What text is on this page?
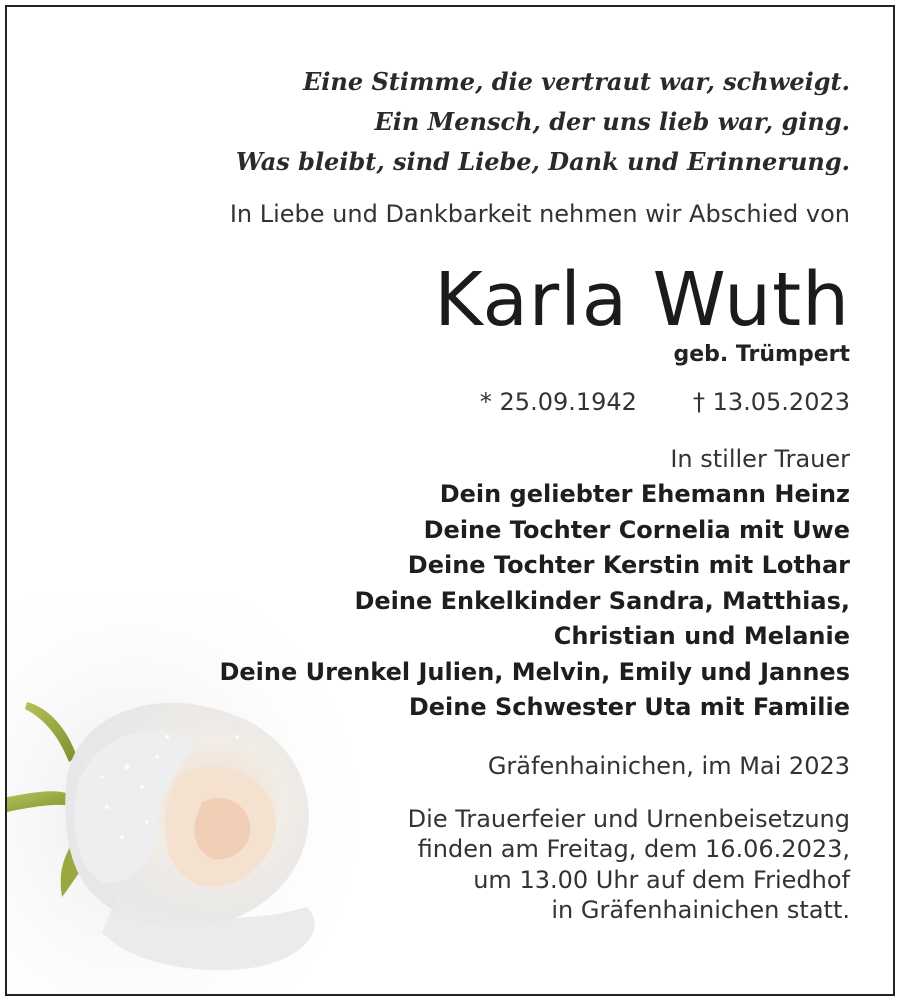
Eine Stimme, die vertraut war, schweigt.
Ein Mensch, der uns lieb war, ging.
Was bleibt, sind Liebe, Dank und Erinnerung.
In Liebe und Dankbarkeit nehmen wir Abschied von
Karla Wuth
geb. Trümpert
* 25.09.1942 † 13.05.2023
In stiller Trauer
Dein geliebter Ehemann Heinz
Deine Tochter Cornelia mit Uwe
Deine Tochter Kerstin mit Lothar
Deine Enkelkinder Sandra, Matthias,
Christian und Melanie
Deine Urenkel Julien, Melvin, Emily und Jannes
Deine Schwester Uta mit Familie
Gräfenhainichen, im Mai 2023
Die Trauerfeier und Urnenbeisetzung
finden am Freitag, dem 16.06.2023,
um 13.00 Uhr auf dem Friedhof
in Gräfenhainichen statt.
